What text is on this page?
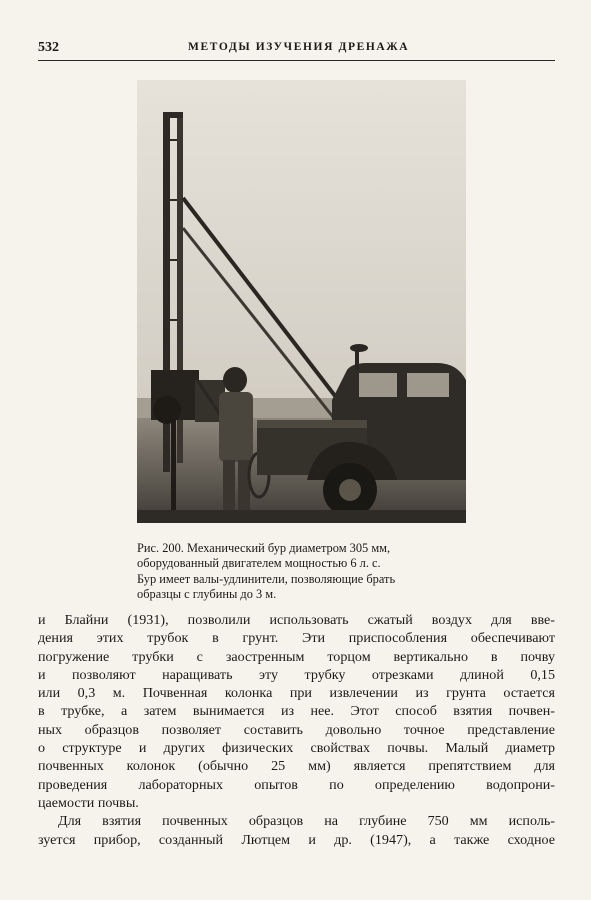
532	МЕТОДЫ ИЗУЧЕНИЯ ДРЕНАЖА
Рис. 200. Механический бур диаметром 305 мм,
оборудованный двигателем мощностью 6 л. с.
Бур имеет валы-удлинители, позволяющие брать
образцы с глубины до 3 м.
и Блайни (1931), позволили использовать сжатый воздух для вве-
дения этих трубок в грунт. Эти приспособления обеспечивают
погружение трубки с заостренным торцом вертикально в почву
и позволяют наращивать эту трубку отрезками длиной 0,15
или 0,3 м. Почвенная колонка при извлечении из грунта остается
в трубке, а затем вынимается из нее. Этот способ взятия почвен-
ных образцов позволяет составить довольно точное представление
о структуре и других физических свойствах почвы. Малый диаметр
почвенных колонок (обычно 25 мм) является препятствием для
проведения лабораторных опытов по определению водопрони-
цаемости почвы.
Для взятия почвенных образцов на глубине 750 мм исполь-
зуется прибор, созданный Лютцем и др. (1947), а также сходное
